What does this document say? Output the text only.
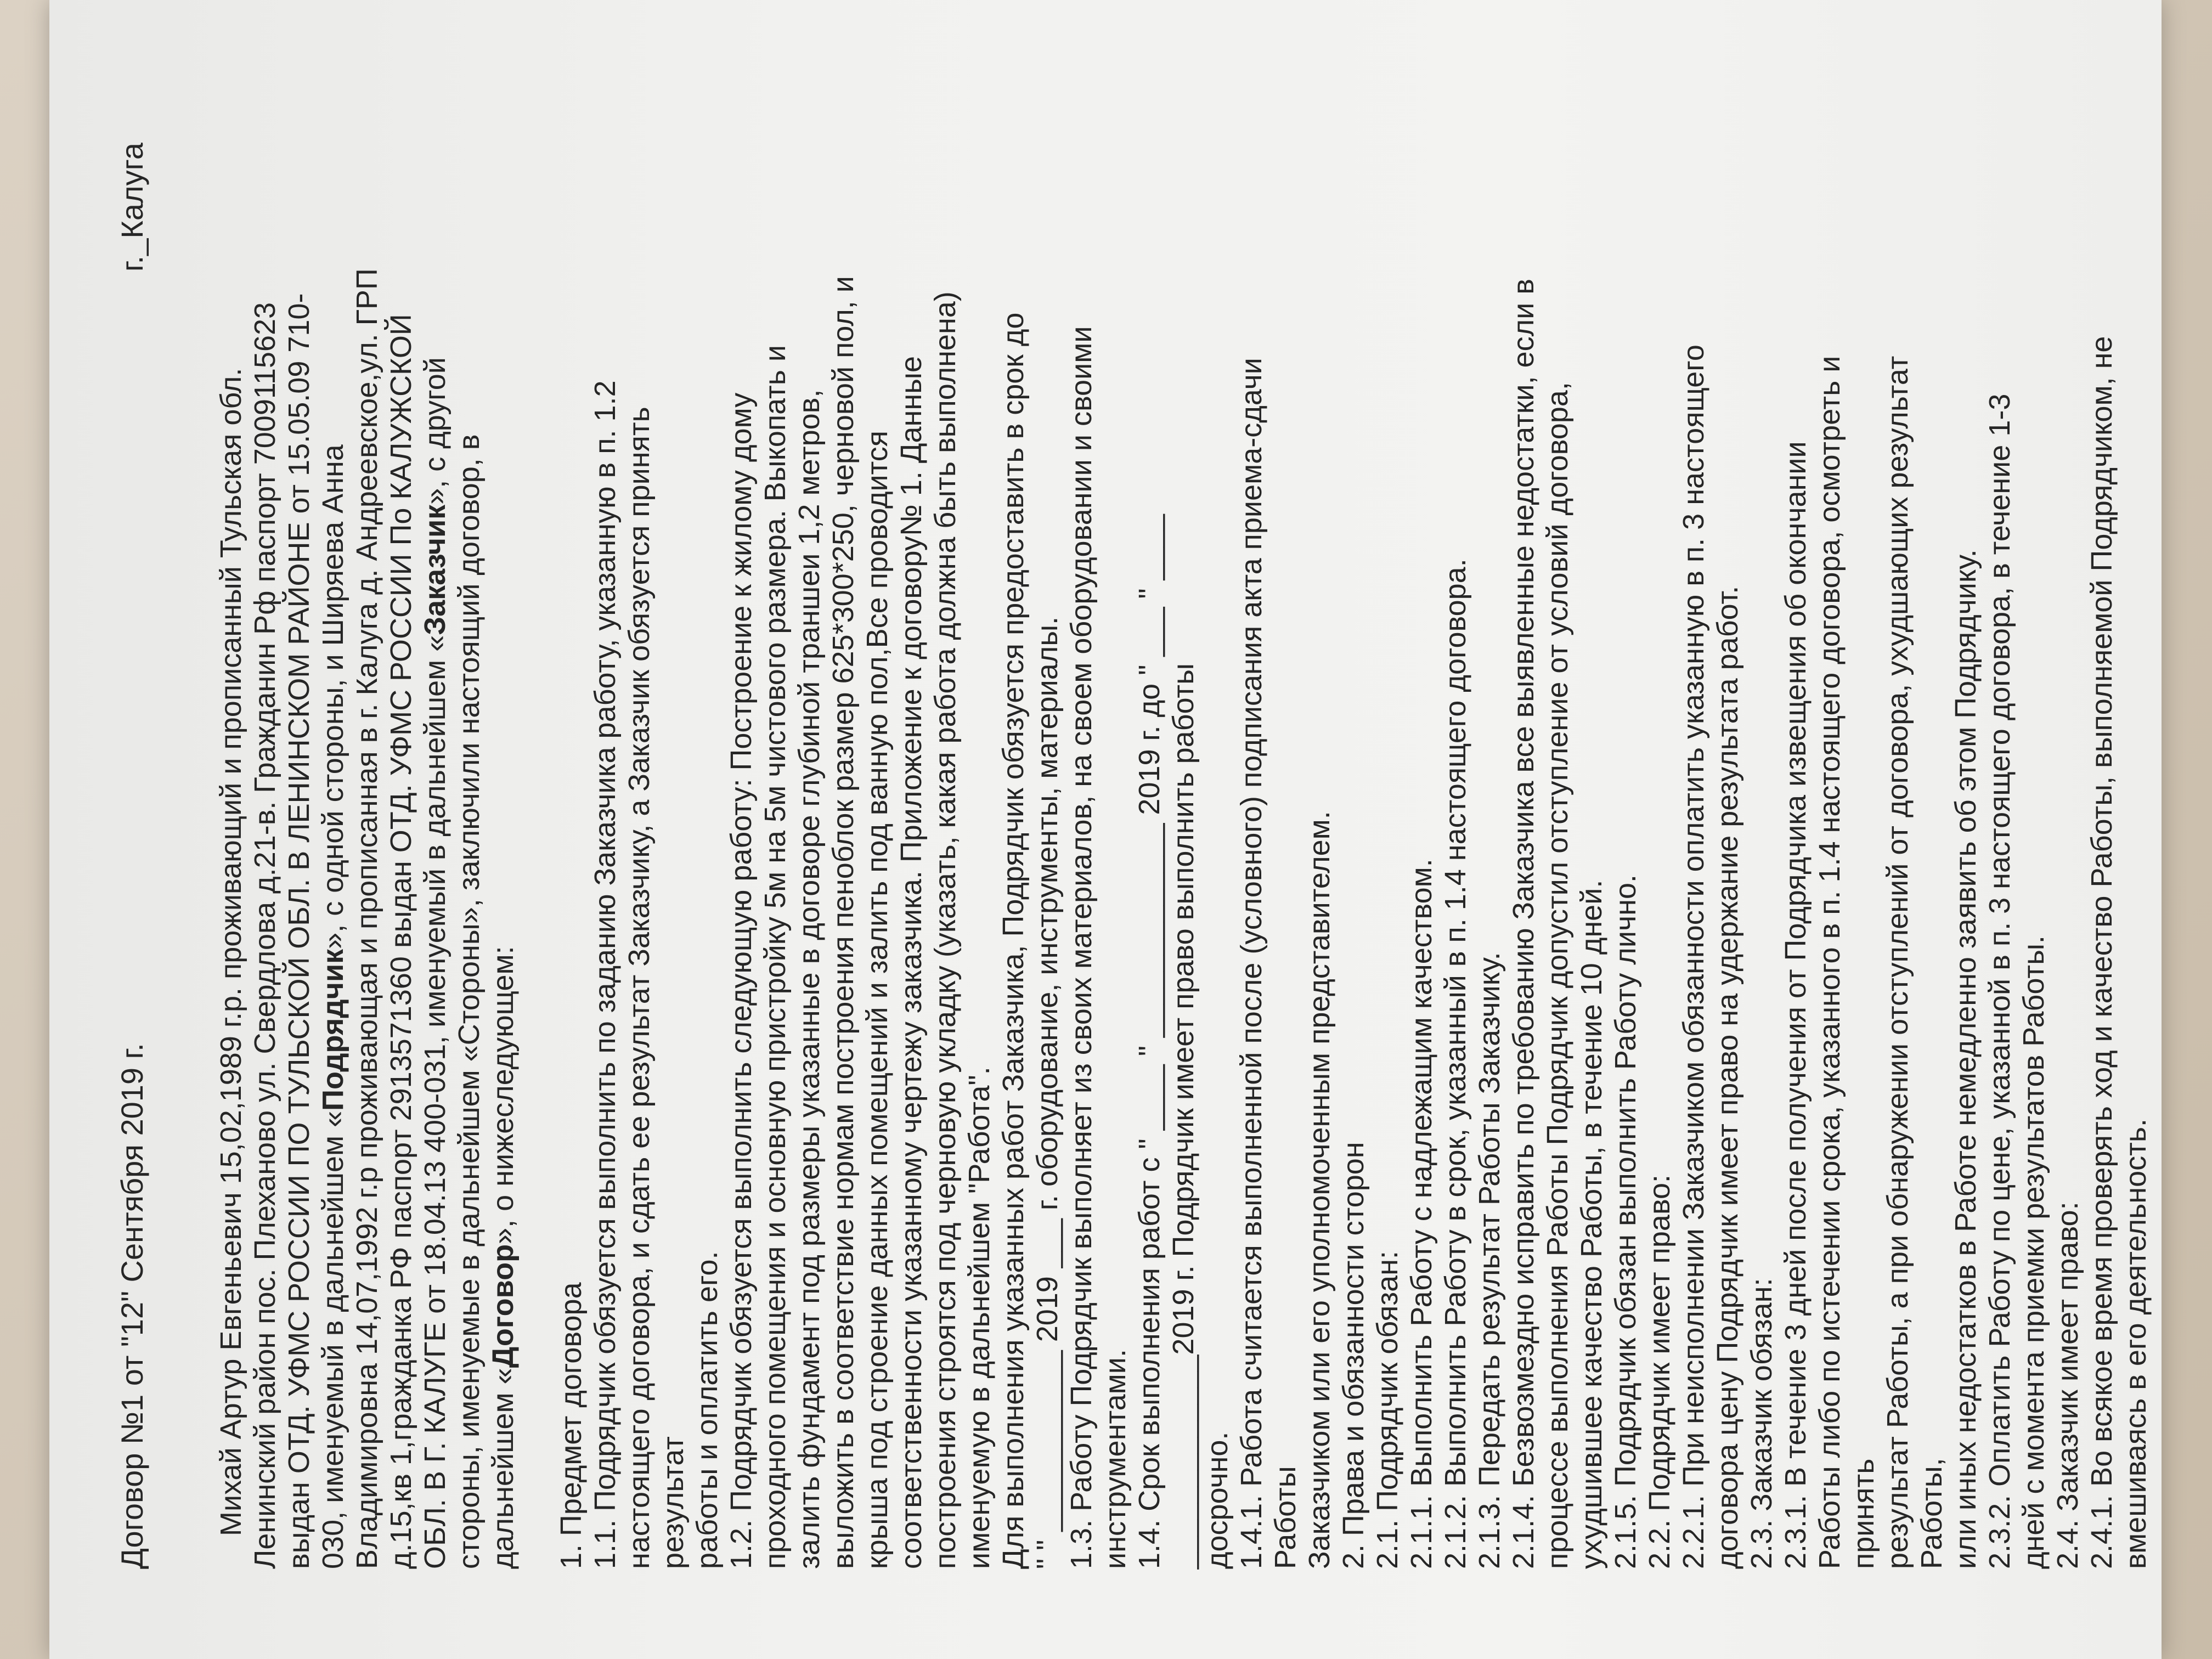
Договор №1 от "12" Сентября 2019 г.
г._Калуга
Михай Артур Евгеньевич 15,02,1989 г.р. проживающий и прописанный Тульская обл. Ленинский район пос. Плеханово ул. Свердлова д.21-в. Гражданин Рф паспорт 7009115623 выдан ОТД. УФМС РОССИИ ПО ТУЛЬСКОЙ ОБЛ. В ЛЕНИНСКОМ РАЙОНЕ от 15.05.09 710- 030, именуемый в дальнейшем «Подрядчик», с одной стороны, и Ширяева Анна Владимировна 14,07,1992 г.р проживающая и прописанная в г. Калуга д. Андреевское,ул. ГРП д.15,кв 1,гражданка РФ паспорт 2913571360 выдан ОТД. УФМС РОССИИ По КАЛУЖСКОЙ ОБЛ. В Г. КАЛУГЕ от 18.04.13 400-031, именуемый в дальнейшем «Заказчик», с другой
стороны, именуемые в дальнейшем «Стороны», заключили настоящий договор, в дальнейшем «Договор», о нижеследующем:
1. Предмет договора 1.1. Подрядчик обязуется выполнить по заданию Заказчика работу, указанную в п. 1.2 настоящего договора, и сдать ее результат Заказчику, а Заказчик обязуется принять результат работы и оплатить его. 1.2. Подрядчик обязуется выполнить следующую работу: Построение к жилому дому проходного помещения и основную пристройку 5м на 5м чистового размера. Выкопать и залить фундамент под размеры указанные в договоре глубиной траншеи 1,2 метров, выложить в соответствие нормам построения пеноблок размер 625*300*250, черновой пол, и крыша под строение данных помещений и залить под ванную пол,Все проводится соответственности указанному чертежу заказчика. Приложение к договору№ 1. Данные построения строятся под черновую укладку (указать, какая работа должна быть выполнена) именуемую в дальнейшем "Работа". Для выполнения указанных работ Заказчика, Подрядчик обязуется предоставить в срок до " " ___________ 2019 ___ г. оборудование, инструменты, материалы. 1.3. Работу Подрядчик выполняет из своих материалов, на своем оборудовании и своими инструментами. 1.4. Срок выполнения работ с " ____ " _____________ 2019 г. до " ___ " ____ _____________2019 г. Подрядчик имеет право выполнить работы досрочно. 1.4.1. Работа считается выполненной после (условного) подписания акта приема-сдачи Работы Заказчиком или его уполномоченным представителем. 2. Права и обязанности сторон 2.1. Подрядчик обязан: 2.1.1. Выполнить Работу с надлежащим качеством. 2.1.2. Выполнить Работу в срок, указанный в п. 1.4 настоящего договора. 2.1.3. Передать результат Работы Заказчику. 2.1.4. Безвозмездно исправить по требованию Заказчика все выявленные недостатки, если в процессе выполнения Работы Подрядчик допустил отступление от условий договора, ухудшившее качество Работы, в течение 10 дней. 2.1.5. Подрядчик обязан выполнить Работу лично. 2.2. Подрядчик имеет право: 2.2.1. При неисполнении Заказчиком обязанности оплатить указанную в п. 3 настоящего договора цену Подрядчик имеет право на удержание результата работ. 2.3. Заказчик обязан: 2.3.1. В течение 3 дней после получения от Подрядчика извещения об окончании Работы либо по истечении срока, указанного в п. 1.4 настоящего договора, осмотреть и принять результат Работы, а при обнаружении отступлений от договора, ухудшающих результат Работы, или иных недостатков в Работе немедленно заявить об этом Подрядчику. 2.3.2. Оплатить Работу по цене, указанной в п. 3 настоящего договора, в течение 1-3 дней с момента приемки результатов Работы. 2.4. Заказчик имеет право: 2.4.1. Во всякое время проверять ход и качество Работы, выполняемой Подрядчиком, не вмешиваясь в его деятельность.
